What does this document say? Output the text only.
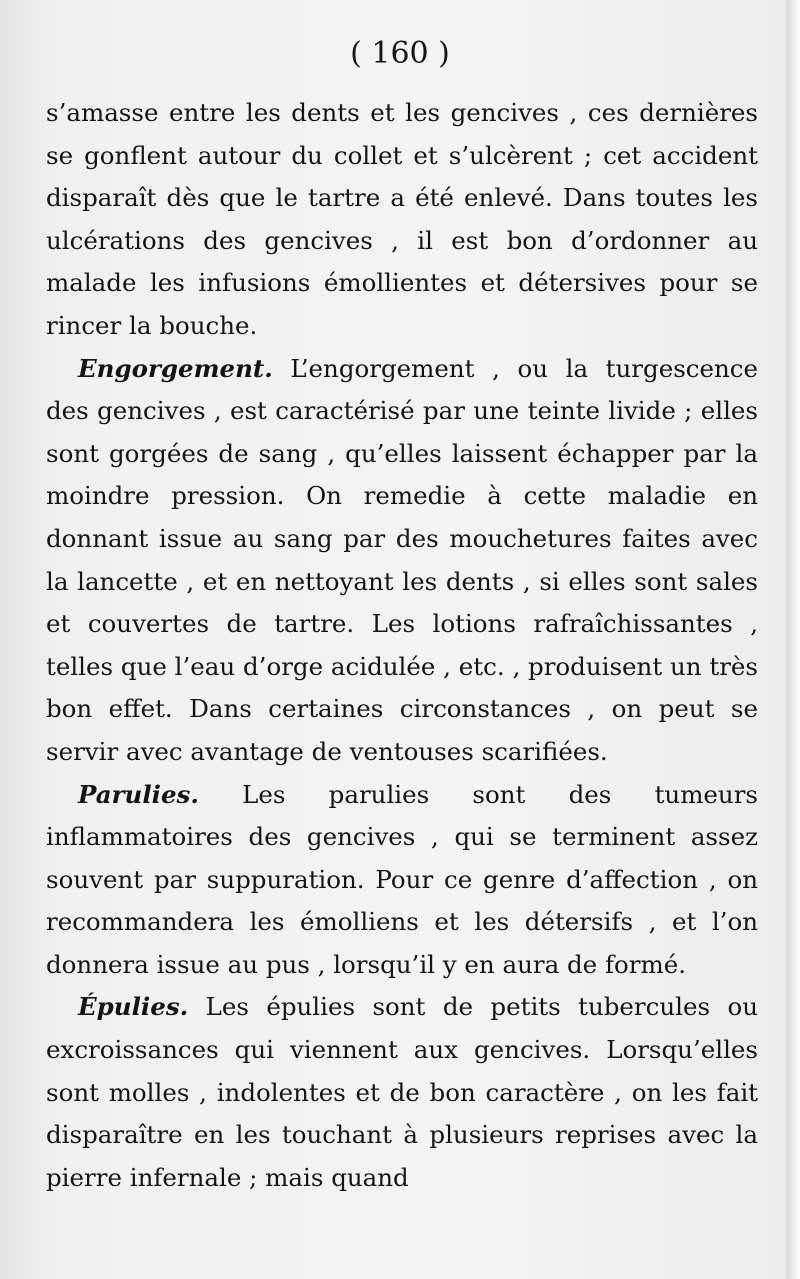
( 160 )

s’amasse entre les dents et les gencives , ces dernières se gonflent autour du collet et s’ulcèrent ; cet accident disparaît dès que le tartre a été enlevé. Dans toutes les ulcérations des gencives , il est bon d’ordonner au malade les infusions émollientes et détersives pour se rincer la bouche.

Engorgement. L’engorgement , ou la turgescence des gencives , est caractérisé par une teinte livide ; elles sont gorgées de sang , qu’elles laissent échapper par la moindre pression. On remedie à cette maladie en donnant issue au sang par des mouchetures faites avec la lancette , et en nettoyant les dents , si elles sont sales et couvertes de tartre. Les lotions rafraîchissantes , telles que l’eau d’orge acidulée , etc. , produisent un très bon effet. Dans certaines circonstances , on peut se servir avec avantage de ventouses scarifiées.

Parulies. Les parulies sont des tumeurs inflammatoires des gencives , qui se terminent assez souvent par suppuration. Pour ce genre d’affection , on recommandera les émolliens et les détersifs , et l’on donnera issue au pus , lorsqu’il y en aura de formé.

Épulies. Les épulies sont de petits tubercules ou excroissances qui viennent aux gencives. Lorsqu’elles sont molles , indolentes et de bon caractère , on les fait disparaître en les touchant à plusieurs reprises avec la pierre infernale ; mais quand
